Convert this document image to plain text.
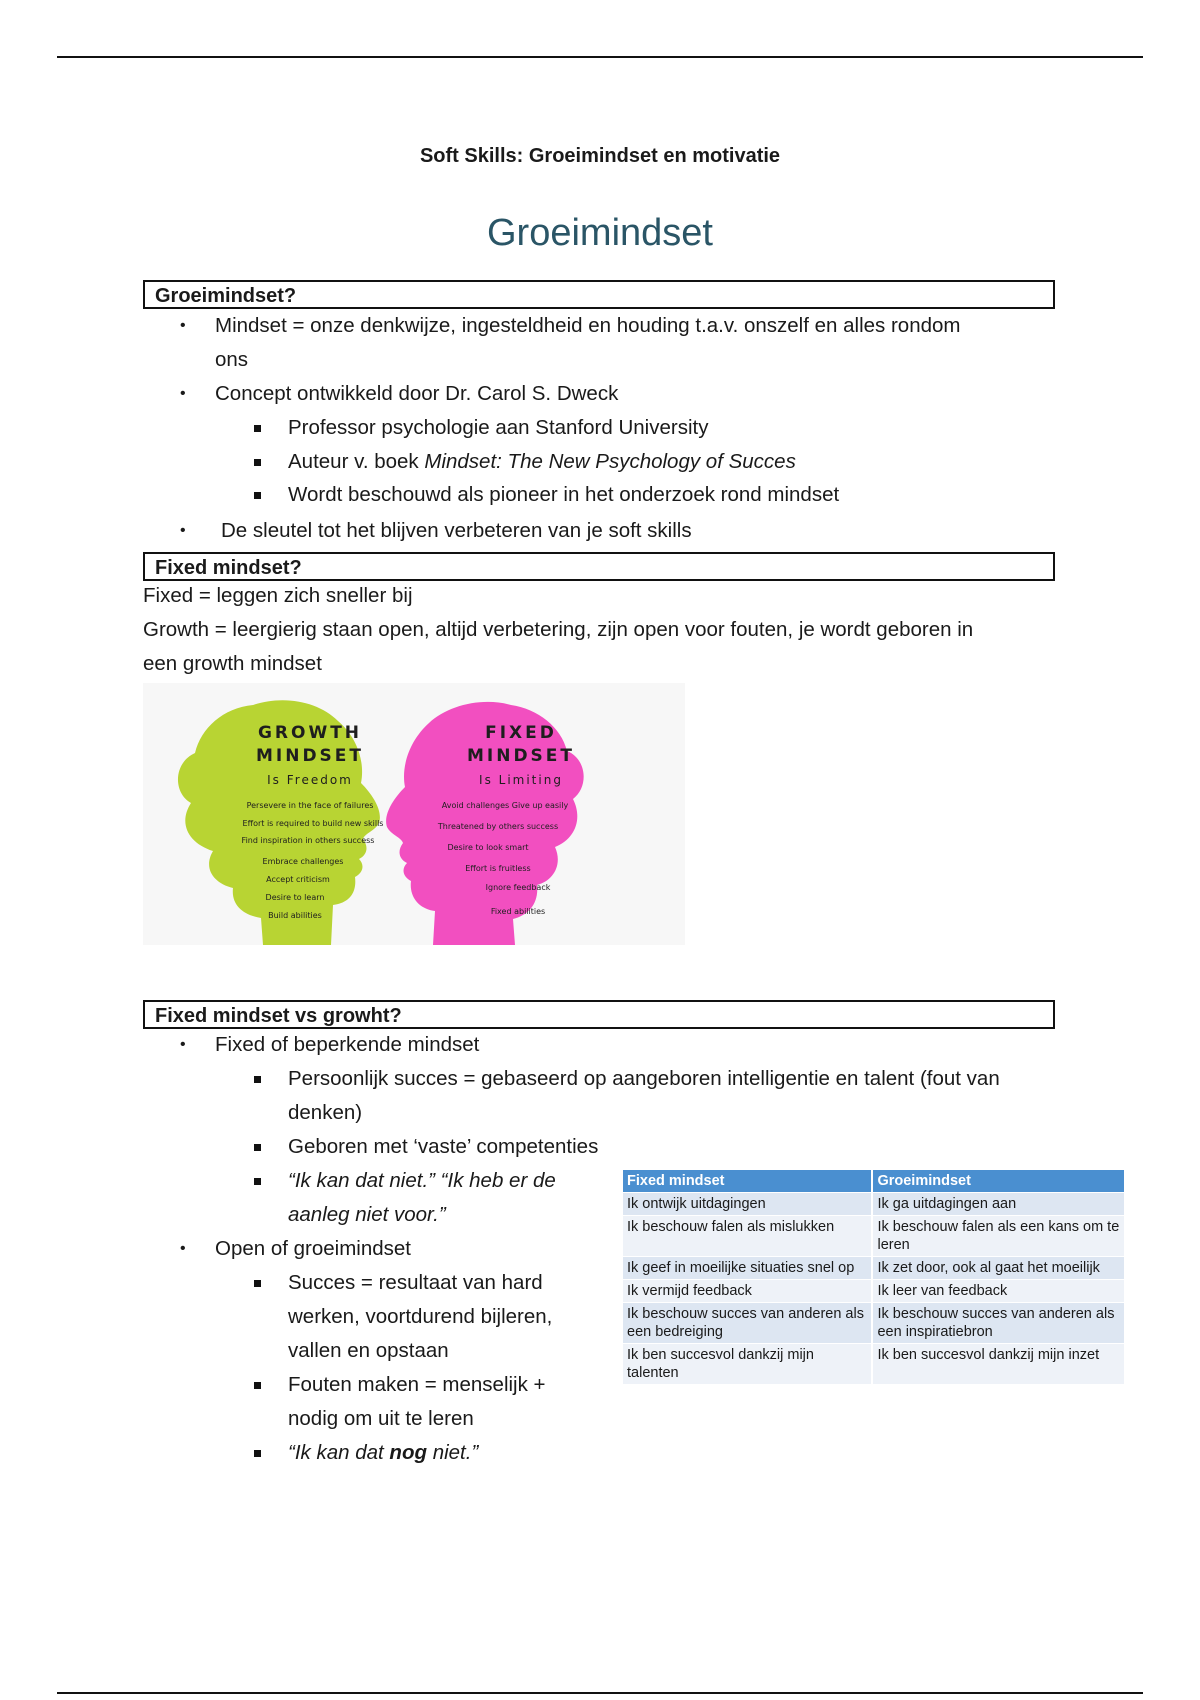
Soft Skills: Groeimindset en motivatie
Groeimindset
Groeimindset?
• Mindset = onze denkwijze, ingesteldheid en houding t.a.v. onszelf en alles rondom
ons
• Concept ontwikkeld door Dr. Carol S. Dweck
Professor psychologie aan Stanford University
Auteur v. boek Mindset: The New Psychology of Succes
Wordt beschouwd als pioneer in het onderzoek rond mindset
• De sleutel tot het blijven verbeteren van je soft skills
Fixed mindset?
Fixed = leggen zich sneller bij
Growth = leergierig staan open, altijd verbetering, zijn open voor fouten, je wordt geboren in
een growth mindset
GROWTH
MINDSET
Is Freedom
Persevere in the face of failures
Effort is required to build new skills
Find inspiration in others success
Embrace challenges
Accept criticism
Desire to learn
Build abilities
FIXED
MINDSET
Is Limiting
Avoid challenges Give up easily
Threatened by others success
Desire to look smart
Effort is fruitless
Ignore feedback
Fixed abilities
Fixed mindset vs growht?
• Fixed of beperkende mindset
Persoonlijk succes = gebaseerd op aangeboren intelligentie en talent (fout van
denken)
Geboren met ‘vaste’ competenties
“Ik kan dat niet.” “Ik heb er de
aanleg niet voor.”
• Open of groeimindset
Succes = resultaat van hard
werken, voortdurend bijleren,
vallen en opstaan
Fouten maken = menselijk +
nodig om uit te leren
“Ik kan dat nog niet.”
Fixed mindset	Groeimindset
Ik ontwijk uitdagingen	Ik ga uitdagingen aan
Ik beschouw falen als mislukken	Ik beschouw falen als een kans om te leren
Ik geef in moeilijke situaties snel op	Ik zet door, ook al gaat het moeilijk
Ik vermijd feedback	Ik leer van feedback
Ik beschouw succes van anderen als een bedreiging	Ik beschouw succes van anderen als een inspiratiebron
Ik ben succesvol dankzij mijn talenten	Ik ben succesvol dankzij mijn inzet
